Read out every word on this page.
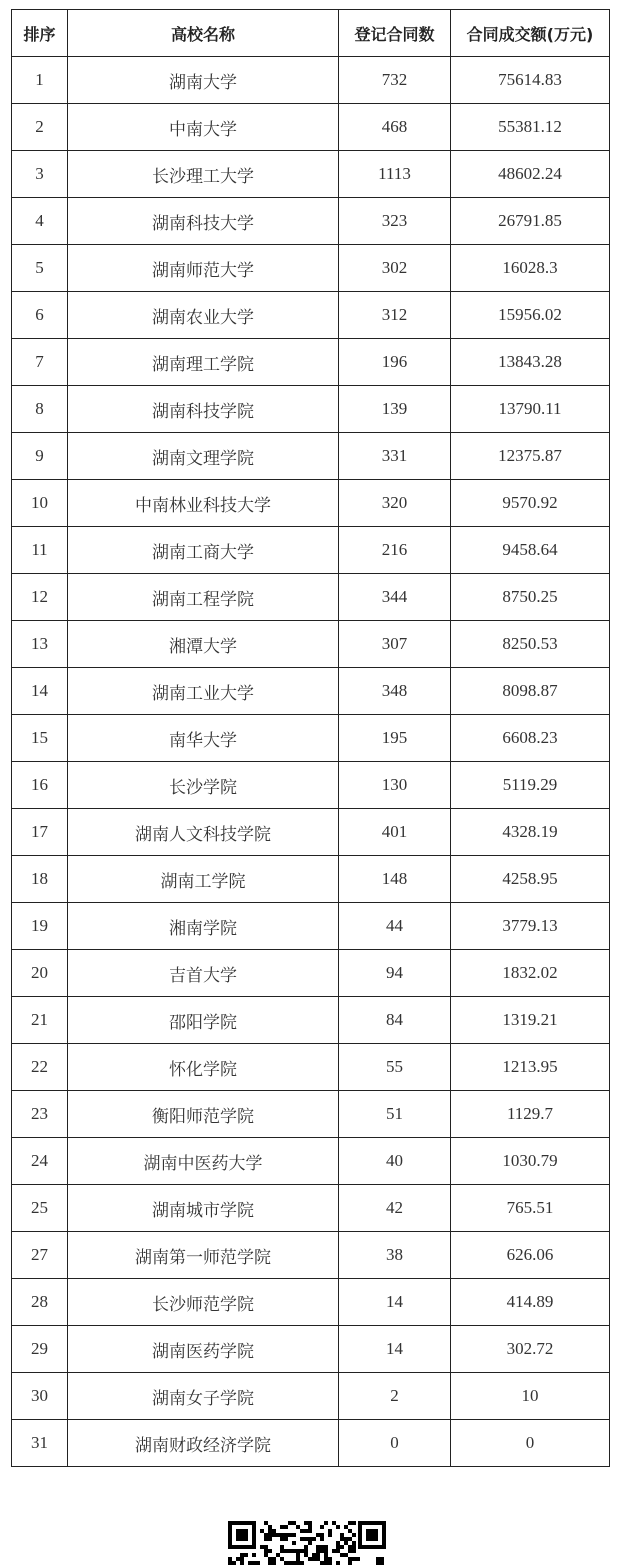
排序	高校名称	登记合同数	合同成交额(万元)
1	湖南大学	732	75614.83
2	中南大学	468	55381.12
3	长沙理工大学	1113	48602.24
4	湖南科技大学	323	26791.85
5	湖南师范大学	302	16028.3
6	湖南农业大学	312	15956.02
7	湖南理工学院	196	13843.28
8	湖南科技学院	139	13790.11
9	湖南文理学院	331	12375.87
10	中南林业科技大学	320	9570.92
11	湖南工商大学	216	9458.64
12	湖南工程学院	344	8750.25
13	湘潭大学	307	8250.53
14	湖南工业大学	348	8098.87
15	南华大学	195	6608.23
16	长沙学院	130	5119.29
17	湖南人文科技学院	401	4328.19
18	湖南工学院	148	4258.95
19	湘南学院	44	3779.13
20	吉首大学	94	1832.02
21	邵阳学院	84	1319.21
22	怀化学院	55	1213.95
23	衡阳师范学院	51	1129.7
24	湖南中医药大学	40	1030.79
25	湖南城市学院	42	765.51
27	湖南第一师范学院	38	626.06
28	长沙师范学院	14	414.89
29	湖南医药学院	14	302.72
30	湖南女子学院	2	10
31	湖南财政经济学院	0	0
